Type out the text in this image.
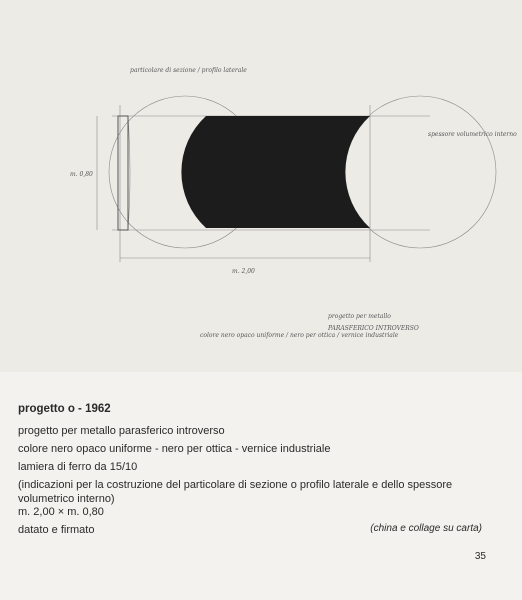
particolare di sezione / profilo laterale
spessore volumetrico interno
m. 0,80
m. 2,00
progetto per metallo
PARASFERICO INTROVERSO
colore nero opaco uniforme / nero per ottica / vernice industriale
progetto o - 1962
progetto per metallo parasferico introverso
colore nero opaco uniforme - nero per ottica - vernice industriale
lamiera di ferro da 15/10
(indicazioni per la costruzione del particolare di sezione o profilo laterale e dello spessore volumetrico interno)
m. 2,00 × m. 0,80
datato e firmato	(china e collage su carta)
35
